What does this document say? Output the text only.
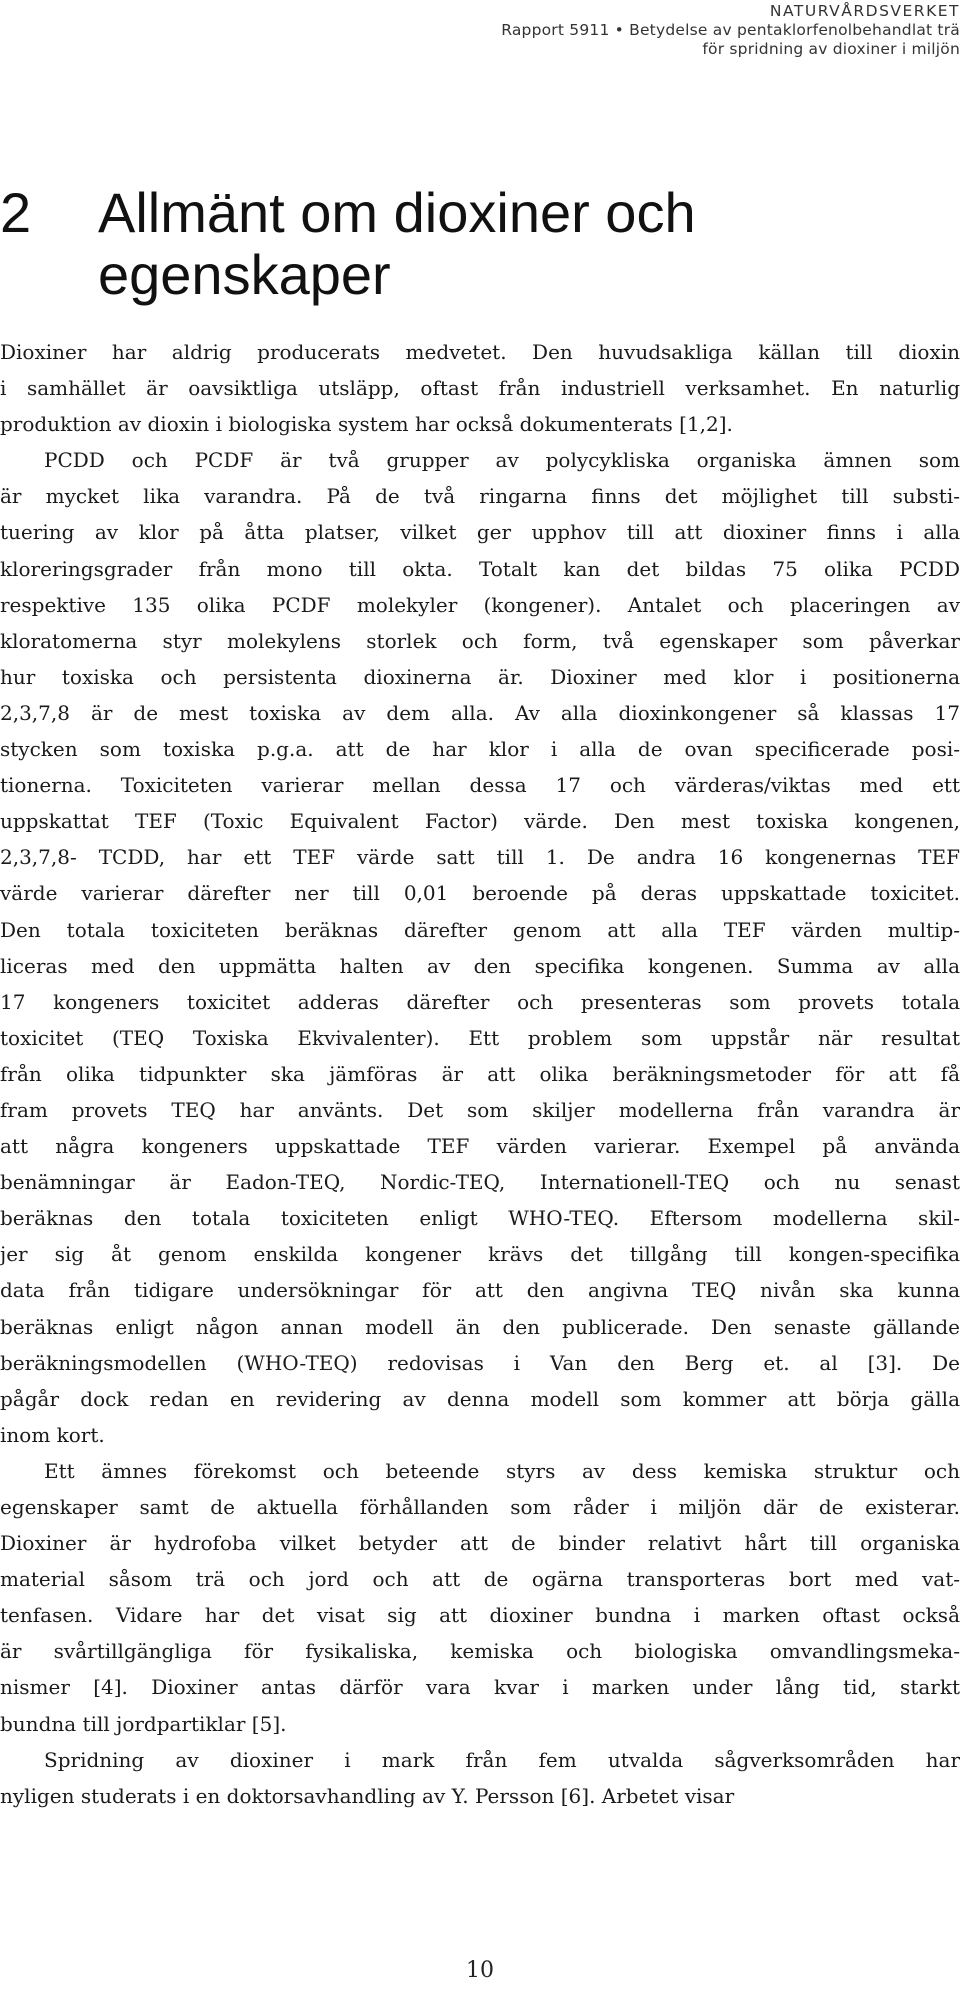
NATURVÅRDSVERKET
Rapport 5911 • Betydelse av pentaklorfenolbehandlat trä
för spridning av dioxiner i miljön
2 Allmänt om dioxiner och
egenskaper

Dioxiner har aldrig producerats medvetet. Den huvudsakliga källan till dioxin
i samhället är oavsiktliga utsläpp, oftast från industriell verksamhet. En naturlig
produktion av dioxin i biologiska system har också dokumenterats [1,2].

PCDD och PCDF är två grupper av polycykliska organiska ämnen som
är mycket lika varandra. På de två ringarna finns det möjlighet till substi-
tuering av klor på åtta platser, vilket ger upphov till att dioxiner finns i alla
kloreringsgrader från mono till okta. Totalt kan det bildas 75 olika PCDD
respektive 135 olika PCDF molekyler (kongener). Antalet och placeringen av
kloratomerna styr molekylens storlek och form, två egenskaper som påverkar
hur toxiska och persistenta dioxinerna är. Dioxiner med klor i positionerna
2,3,7,8 är de mest toxiska av dem alla. Av alla dioxinkongener så klassas 17
stycken som toxiska p.g.a. att de har klor i alla de ovan specificerade posi-
tionerna. Toxiciteten varierar mellan dessa 17 och värderas/viktas med ett
uppskattat TEF (Toxic Equivalent Factor) värde. Den mest toxiska kongenen,
2,3,7,8- TCDD, har ett TEF värde satt till 1. De andra 16 kongenernas TEF
värde varierar därefter ner till 0,01 beroende på deras uppskattade toxicitet.
Den totala toxiciteten beräknas därefter genom att alla TEF värden multip-
liceras med den uppmätta halten av den specifika kongenen. Summa av alla
17 kongeners toxicitet adderas därefter och presenteras som provets totala
toxicitet (TEQ Toxiska Ekvivalenter). Ett problem som uppstår när resultat
från olika tidpunkter ska jämföras är att olika beräkningsmetoder för att få
fram provets TEQ har använts. Det som skiljer modellerna från varandra är
att några kongeners uppskattade TEF värden varierar. Exempel på använda
benämningar är Eadon-TEQ, Nordic-TEQ, Internationell-TEQ och nu senast
beräknas den totala toxiciteten enligt WHO-TEQ. Eftersom modellerna skil-
jer sig åt genom enskilda kongener krävs det tillgång till kongen-specifika
data från tidigare undersökningar för att den angivna TEQ nivån ska kunna
beräknas enligt någon annan modell än den publicerade. Den senaste gällande
beräkningsmodellen (WHO-TEQ) redovisas i Van den Berg et. al [3]. De
pågår dock redan en revidering av denna modell som kommer att börja gälla
inom kort.

Ett ämnes förekomst och beteende styrs av dess kemiska struktur och
egenskaper samt de aktuella förhållanden som råder i miljön där de existerar.
Dioxiner är hydrofoba vilket betyder att de binder relativt hårt till organiska
material såsom trä och jord och att de ogärna transporteras bort med vat-
tenfasen. Vidare har det visat sig att dioxiner bundna i marken oftast också
är svårtillgängliga för fysikaliska, kemiska och biologiska omvandlingsmeka-
nismer [4]. Dioxiner antas därför vara kvar i marken under lång tid, starkt
bundna till jordpartiklar [5].

Spridning av dioxiner i mark från fem utvalda sågverksområden har
nyligen studerats i en doktorsavhandling av Y. Persson [6]. Arbetet visar

10
